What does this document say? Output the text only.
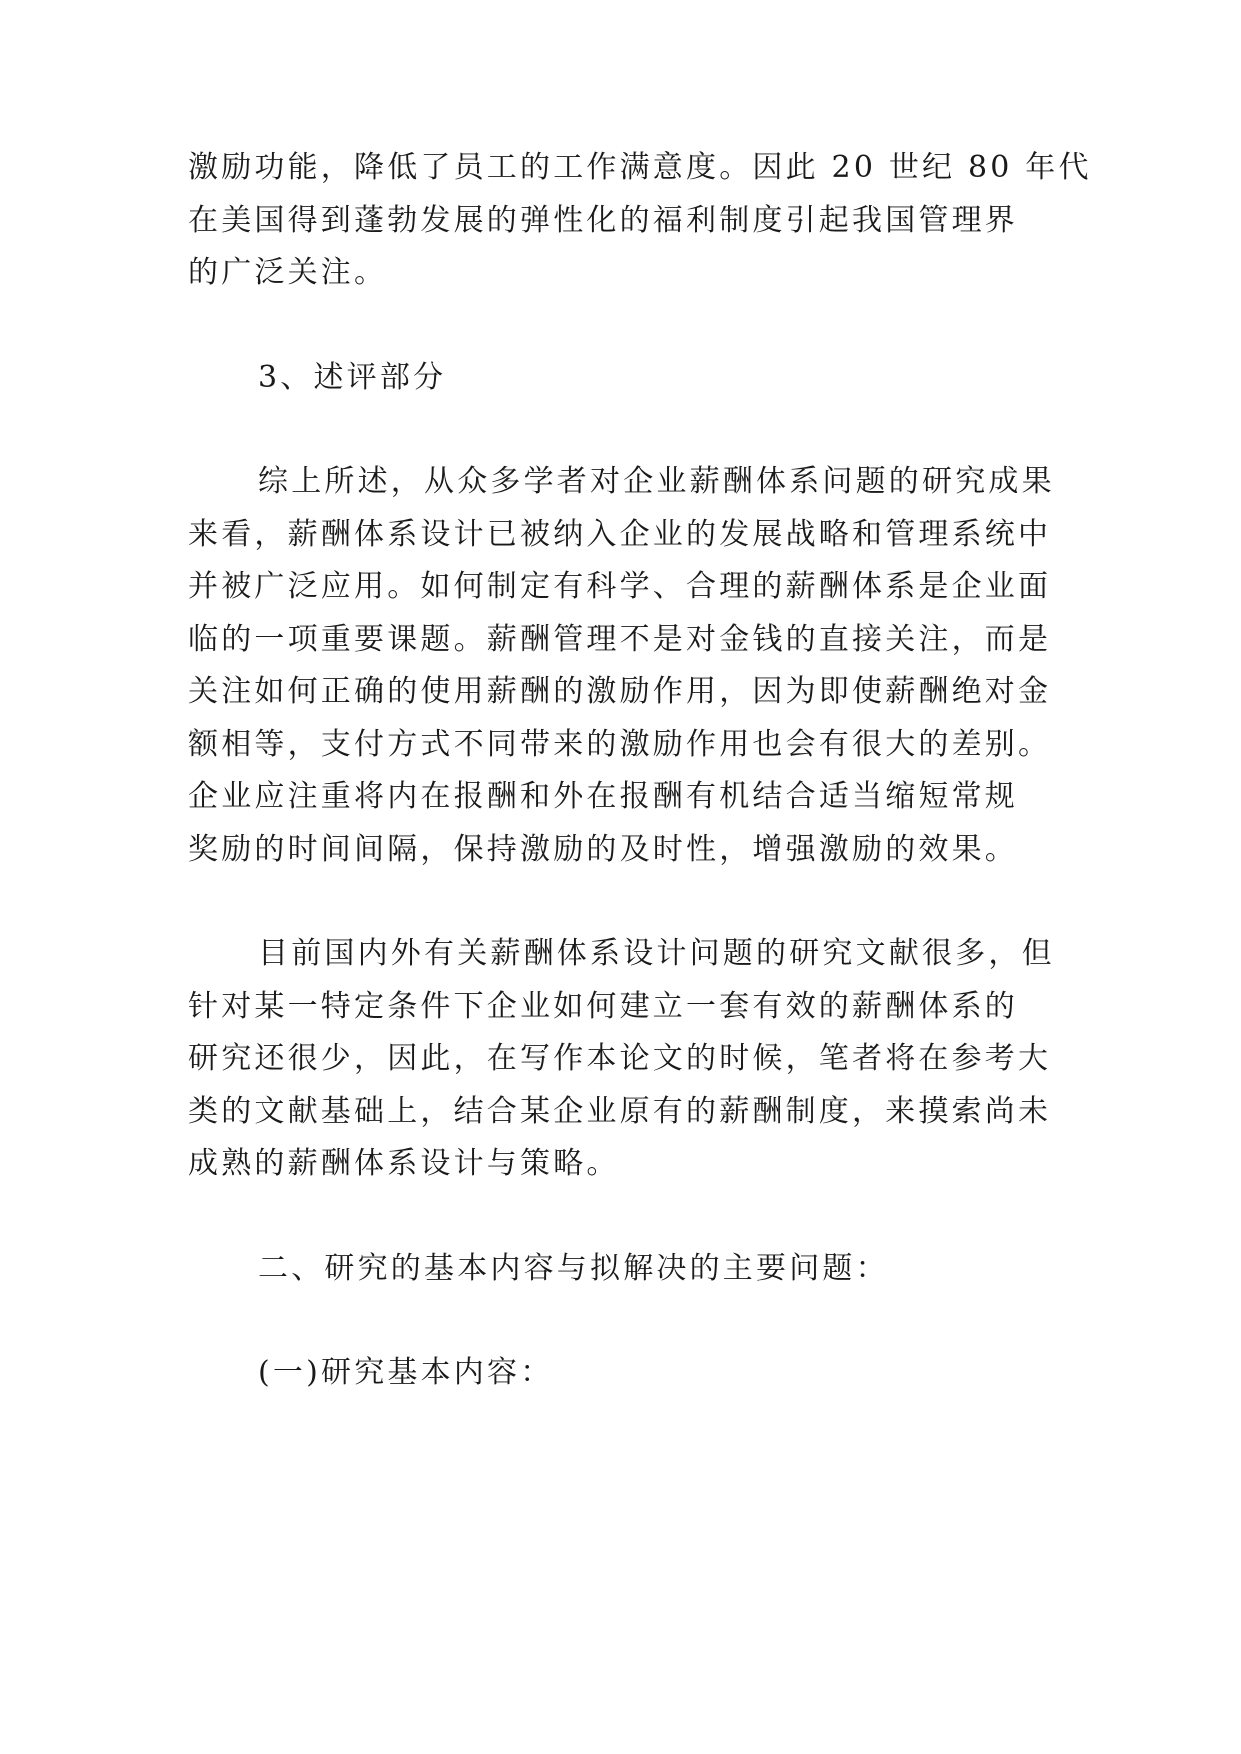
激励功能，降低了员工的工作满意度。因此 20 世纪 80 年代
在美国得到蓬勃发展的弹性化的福利制度引起我国管理界
的广泛关注。
3、述评部分
综上所述，从众多学者对企业薪酬体系问题的研究成果
来看，薪酬体系设计已被纳入企业的发展战略和管理系统中
并被广泛应用。如何制定有科学、合理的薪酬体系是企业面
临的一项重要课题。薪酬管理不是对金钱的直接关注，而是
关注如何正确的使用薪酬的激励作用，因为即使薪酬绝对金
额相等，支付方式不同带来的激励作用也会有很大的差别。
企业应注重将内在报酬和外在报酬有机结合适当缩短常规
奖励的时间间隔，保持激励的及时性，增强激励的效果。
目前国内外有关薪酬体系设计问题的研究文献很多，但
针对某一特定条件下企业如何建立一套有效的薪酬体系的
研究还很少，因此，在写作本论文的时候，笔者将在参考大
类的文献基础上，结合某企业原有的薪酬制度，来摸索尚未
成熟的薪酬体系设计与策略。
二、研究的基本内容与拟解决的主要问题：
(一)研究基本内容：
